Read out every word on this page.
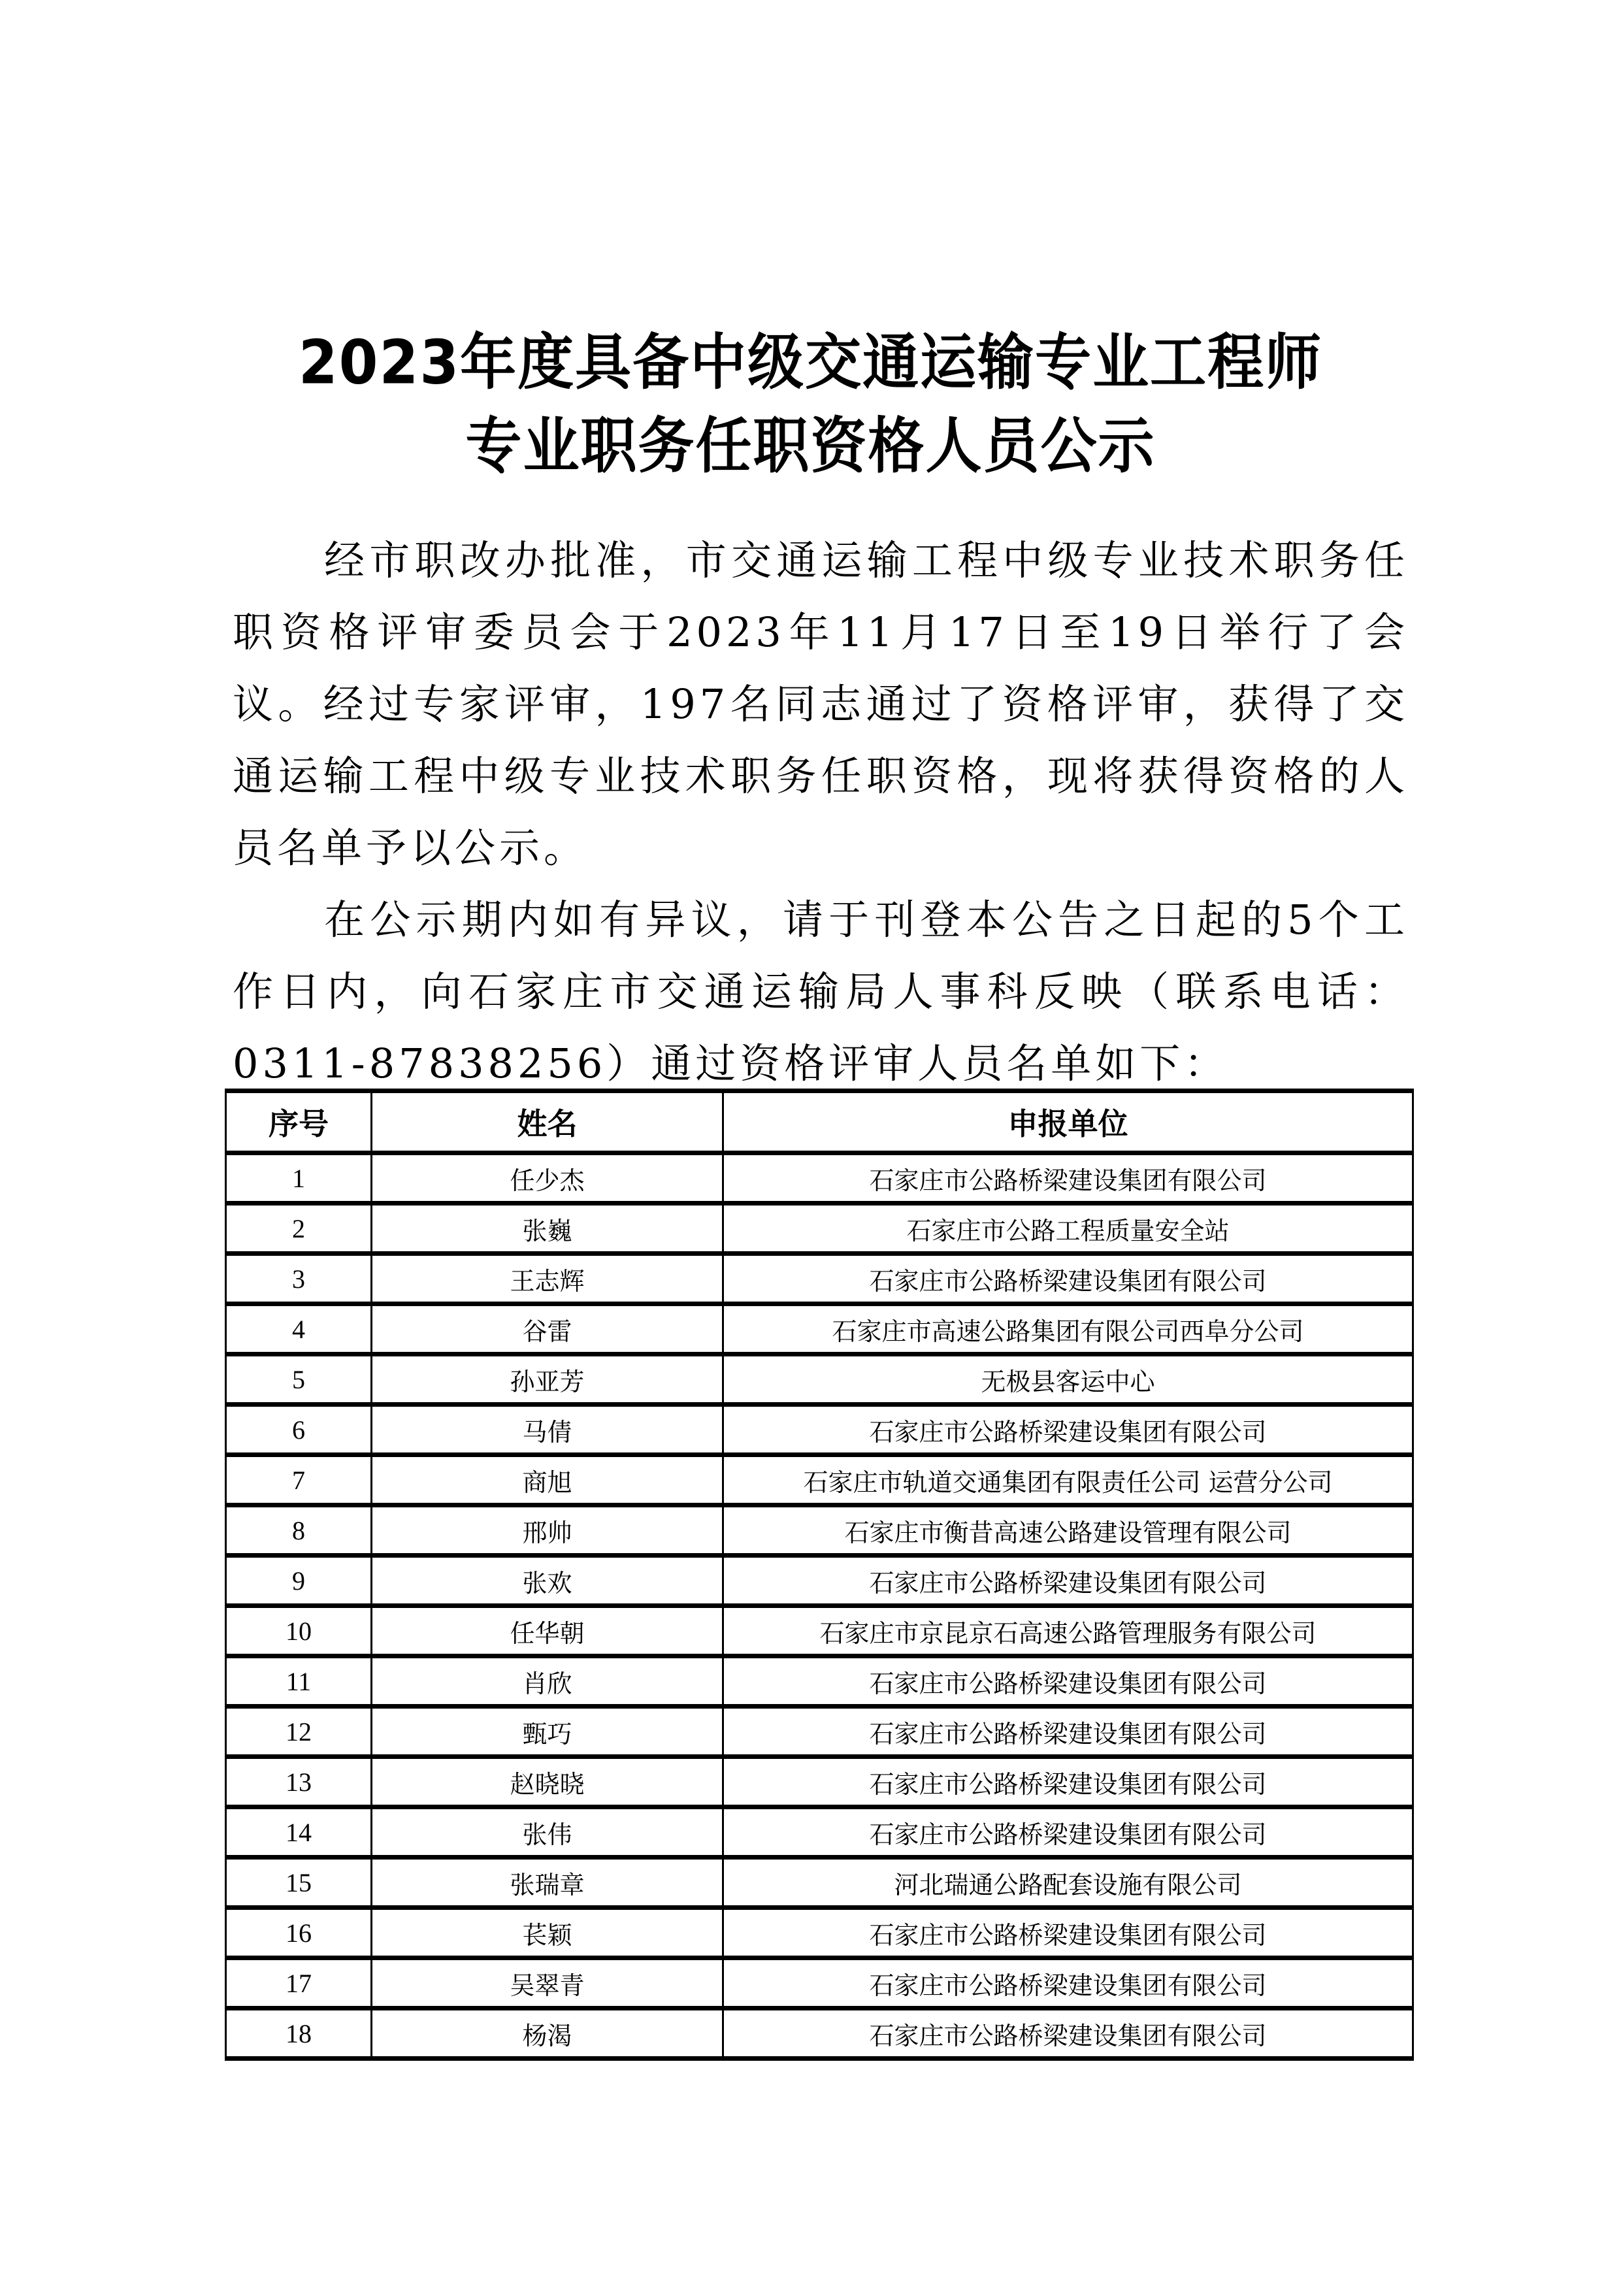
2023年度具备中级交通运输专业工程师
专业职务任职资格人员公示

经市职改办批准，市交通运输工程中级专业技术职务任职资格评审委员会于2023年11月17日至19日举行了会议。经过专家评审，197名同志通过了资格评审，获得了交通运输工程中级专业技术职务任职资格，现将获得资格的人员名单予以公示。

在公示期内如有异议，请于刊登本公告之日起的5个工作日内，向石家庄市交通运输局人事科反映（联系电话：0311-87838256）通过资格评审人员名单如下：

序号	姓名	申报单位
1	任少杰	石家庄市公路桥梁建设集团有限公司
2	张巍	石家庄市公路工程质量安全站
3	王志辉	石家庄市公路桥梁建设集团有限公司
4	谷雷	石家庄市高速公路集团有限公司西阜分公司
5	孙亚芳	无极县客运中心
6	马倩	石家庄市公路桥梁建设集团有限公司
7	商旭	石家庄市轨道交通集团有限责任公司 运营分公司
8	邢帅	石家庄市衡昔高速公路建设管理有限公司
9	张欢	石家庄市公路桥梁建设集团有限公司
10	任华朝	石家庄市京昆京石高速公路管理服务有限公司
11	肖欣	石家庄市公路桥梁建设集团有限公司
12	甄巧	石家庄市公路桥梁建设集团有限公司
13	赵晓晓	石家庄市公路桥梁建设集团有限公司
14	张伟	石家庄市公路桥梁建设集团有限公司
15	张瑞章	河北瑞通公路配套设施有限公司
16	苌颖	石家庄市公路桥梁建设集团有限公司
17	吴翠青	石家庄市公路桥梁建设集团有限公司
18	杨渴	石家庄市公路桥梁建设集团有限公司
